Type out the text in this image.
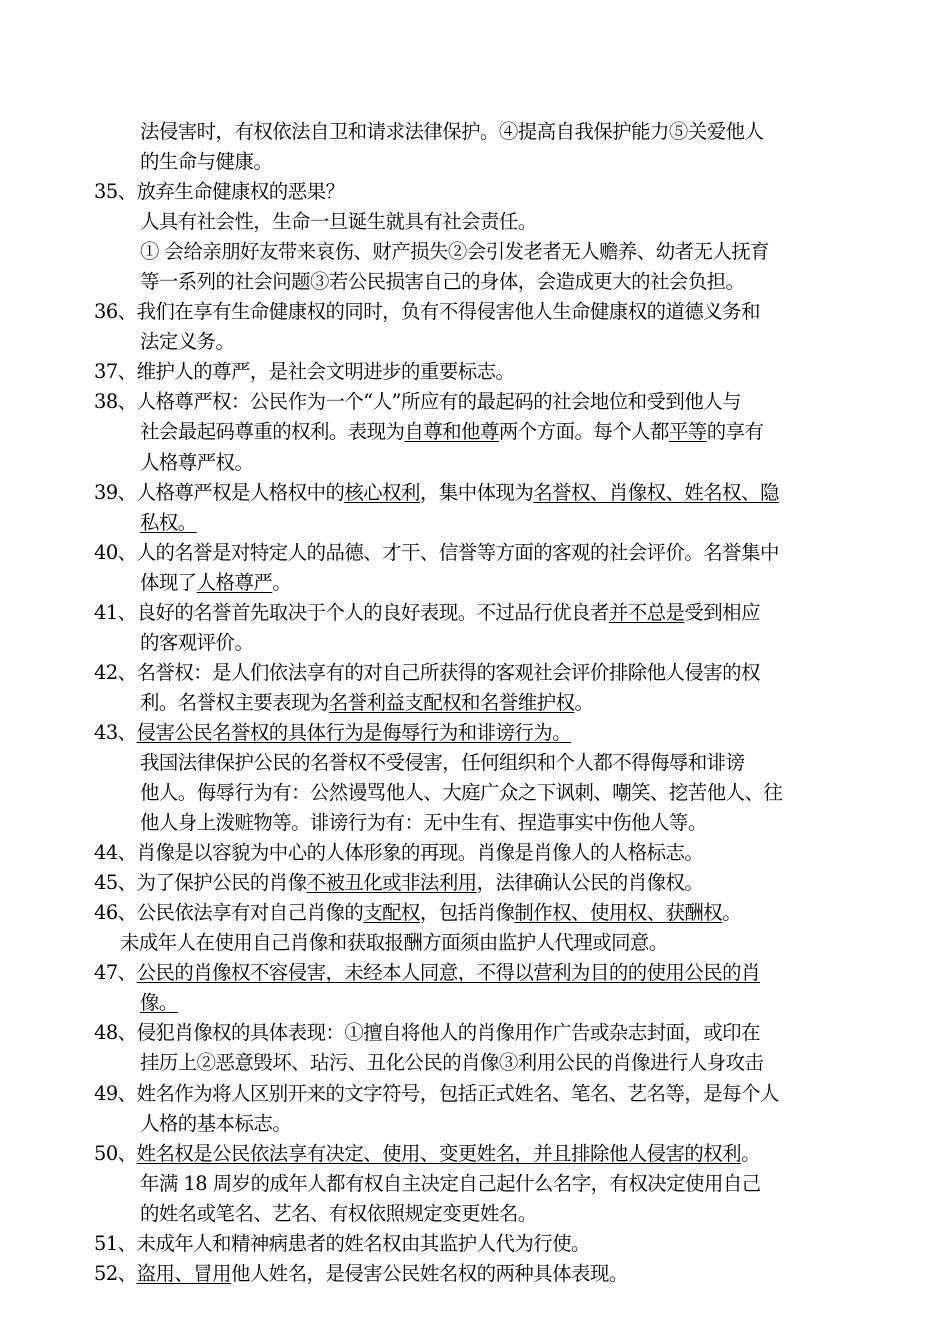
法侵害时，有权依法自卫和请求法律保护。④提高自我保护能力⑤关爱他人
的生命与健康。
35、放弃生命健康权的恶果？
人具有社会性，生命一旦诞生就具有社会责任。
① 会给亲朋好友带来哀伤、财产损失②会引发老者无人赡养、幼者无人抚育
等一系列的社会问题③若公民损害自己的身体，会造成更大的社会负担。
36、我们在享有生命健康权的同时，负有不得侵害他人生命健康权的道德义务和
法定义务。
37、维护人的尊严，是社会文明进步的重要标志。
38、人格尊严权：公民作为一个“人”所应有的最起码的社会地位和受到他人与
社会最起码尊重的权利。表现为自尊和他尊两个方面。每个人都平等的享有
人格尊严权。
39、人格尊严权是人格权中的核心权利，集中体现为名誉权、肖像权、姓名权、隐
私权。
40、人的名誉是对特定人的品德、才干、信誉等方面的客观的社会评价。名誉集中
体现了人格尊严。
41、良好的名誉首先取决于个人的良好表现。不过品行优良者并不总是受到相应
的客观评价。
42、名誉权：是人们依法享有的对自己所获得的客观社会评价排除他人侵害的权
利。名誉权主要表现为名誉利益支配权和名誉维护权。
43、侵害公民名誉权的具体行为是侮辱行为和诽谤行为。
我国法律保护公民的名誉权不受侵害，任何组织和个人都不得侮辱和诽谤
他人。侮辱行为有：公然谩骂他人、大庭广众之下讽刺、嘲笑、挖苦他人、往
他人身上泼赃物等。诽谤行为有：无中生有、捏造事实中伤他人等。
44、肖像是以容貌为中心的人体形象的再现。肖像是肖像人的人格标志。
45、为了保护公民的肖像不被丑化或非法利用，法律确认公民的肖像权。
46、公民依法享有对自己肖像的支配权，包括肖像制作权、使用权、获酬权。
未成年人在使用自己肖像和获取报酬方面须由监护人代理或同意。
47、公民的肖像权不容侵害，未经本人同意，不得以营利为目的的使用公民的肖
像。
48、侵犯肖像权的具体表现：①擅自将他人的肖像用作广告或杂志封面，或印在
挂历上②恶意毁坏、玷污、丑化公民的肖像③利用公民的肖像进行人身攻击
49、姓名作为将人区别开来的文字符号，包括正式姓名、笔名、艺名等，是每个人
人格的基本标志。
50、姓名权是公民依法享有决定、使用、变更姓名，并且排除他人侵害的权利。
年满 18 周岁的成年人都有权自主决定自己起什么名字，有权决定使用自己
的姓名或笔名、艺名、有权依照规定变更姓名。
51、未成年人和精神病患者的姓名权由其监护人代为行使。
52、盗用、冒用他人姓名，是侵害公民姓名权的两种具体表现。
